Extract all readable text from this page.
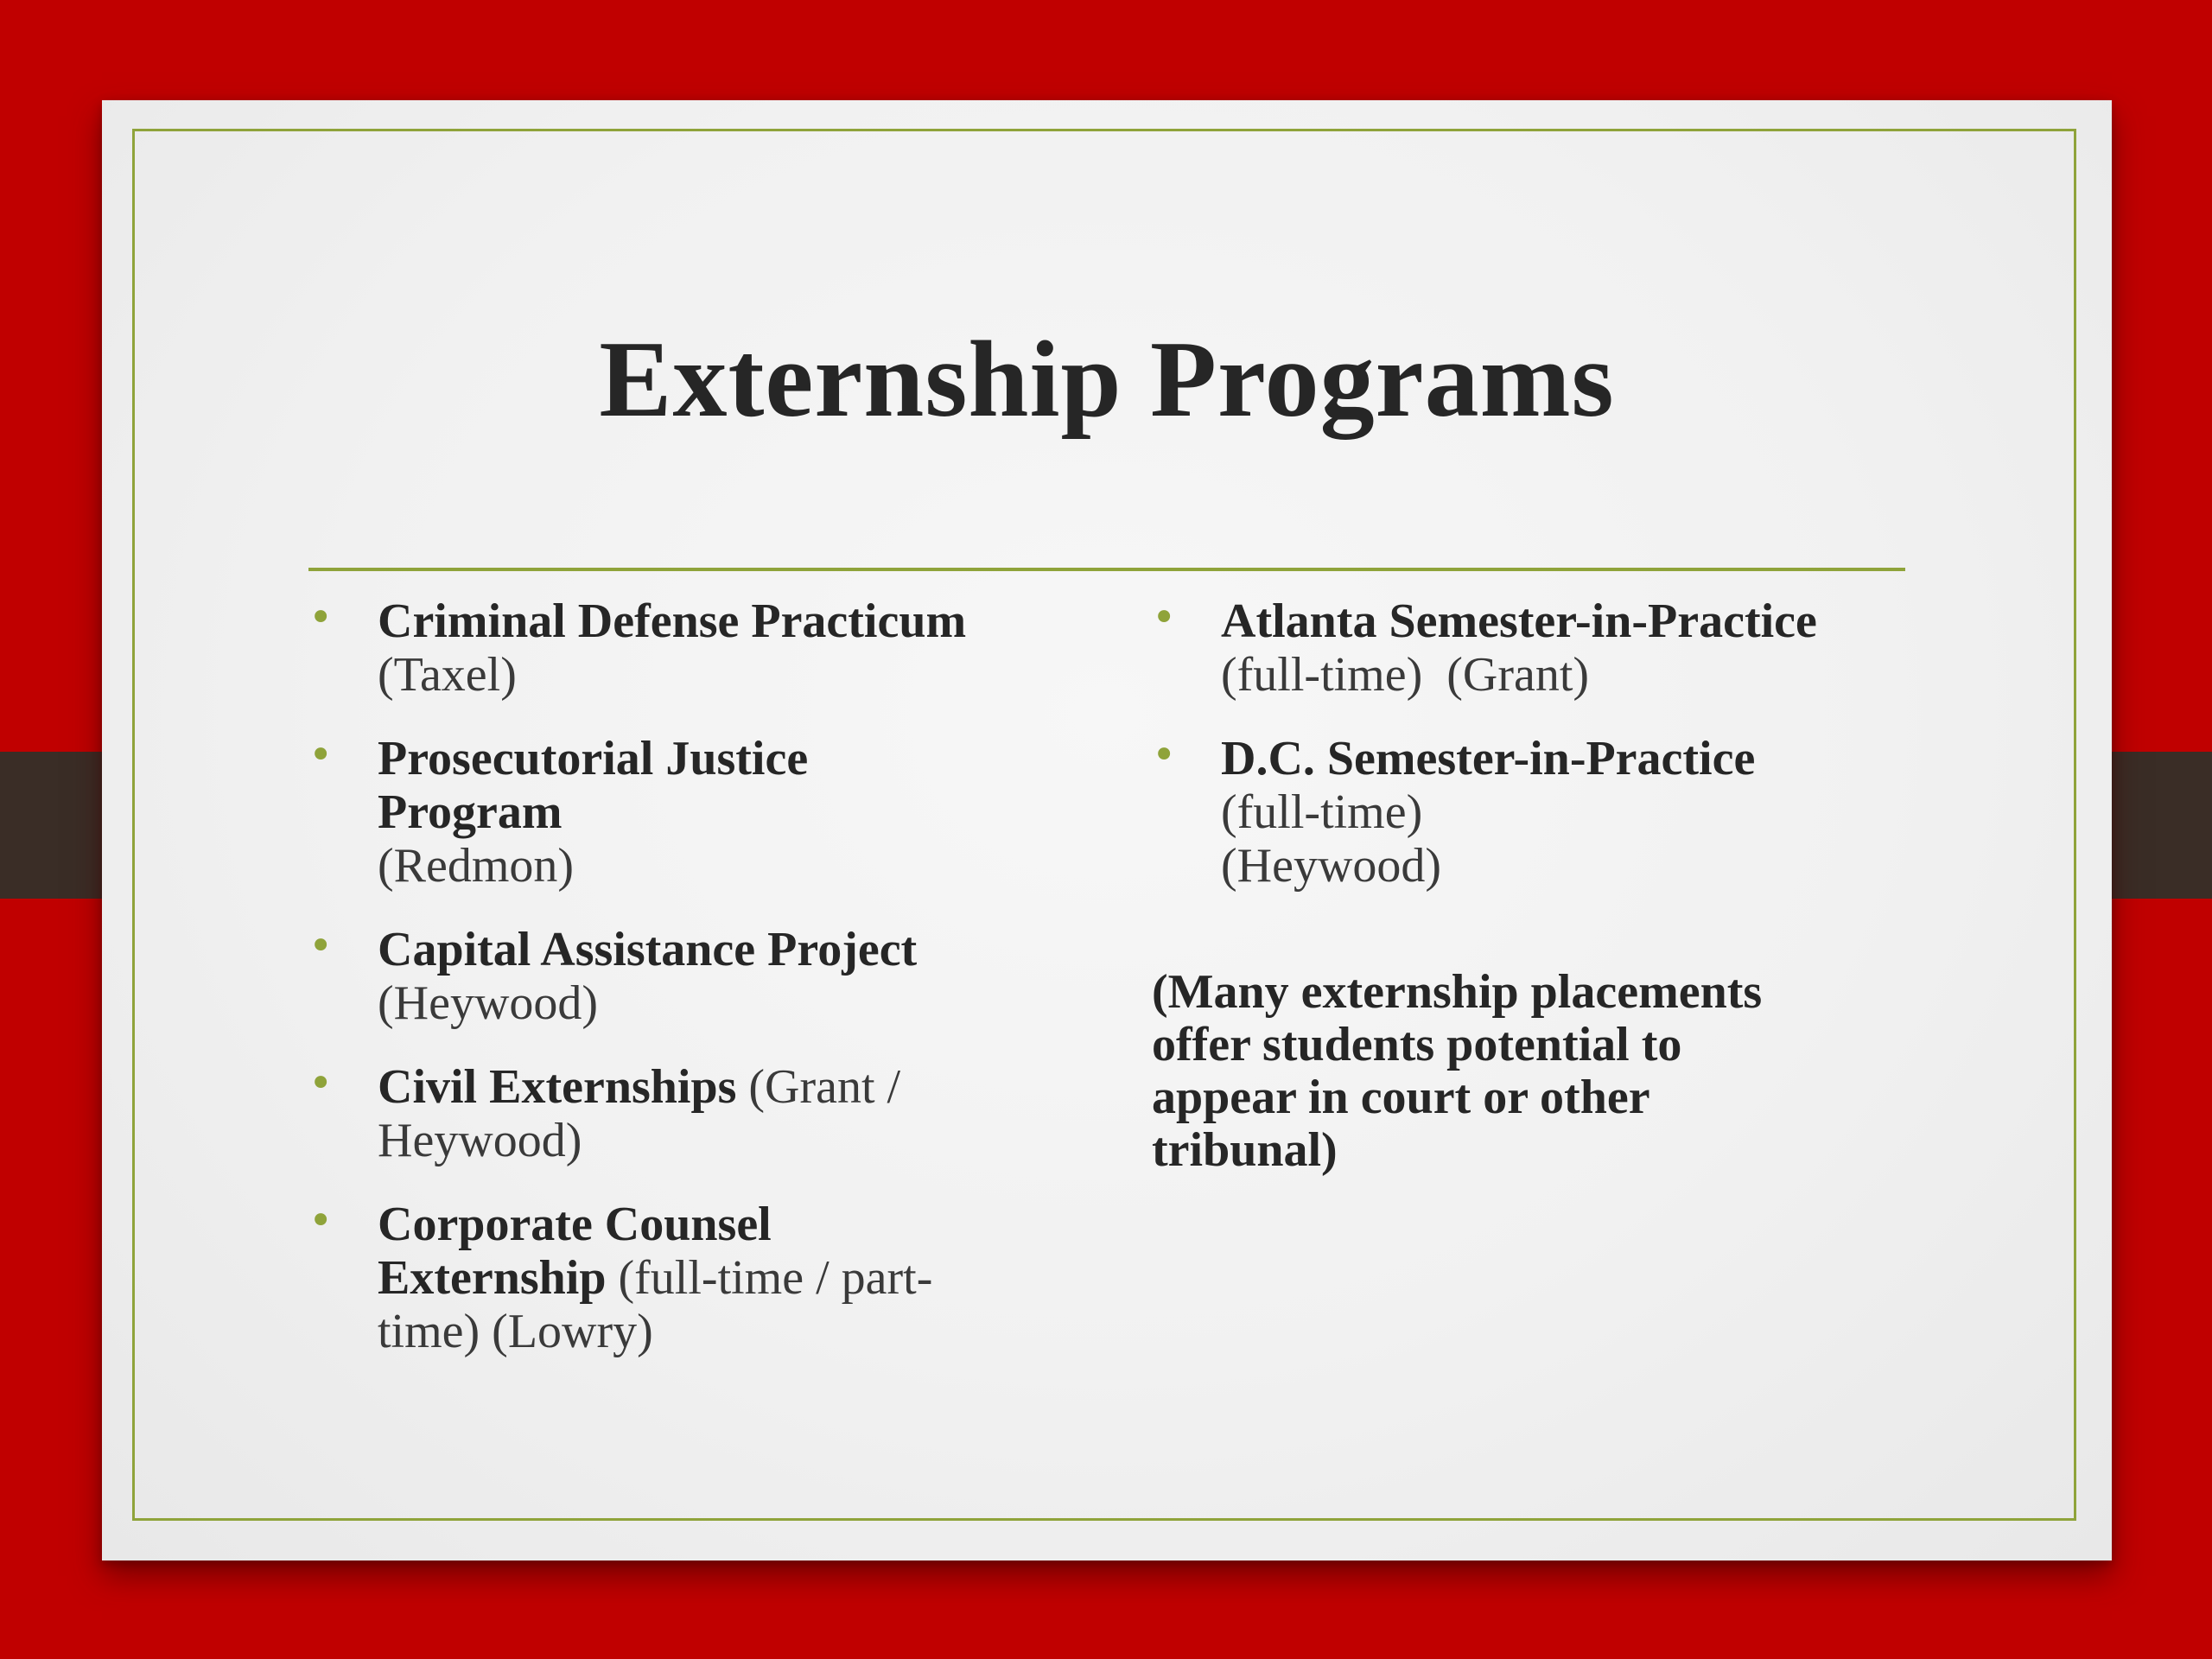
Externship Programs
• Criminal Defense Practicum
(Taxel)
• Prosecutorial Justice
Program
(Redmon)
• Capital Assistance Project
(Heywood)
• Civil Externships (Grant /
Heywood)
• Corporate Counsel
Externship (full-time / part-
time) (Lowry)
• Atlanta Semester-in-Practice
(full-time)  (Grant)
• D.C. Semester-in-Practice
(full-time)
(Heywood)
(Many externship placements
offer students potential to
appear in court or other
tribunal)
